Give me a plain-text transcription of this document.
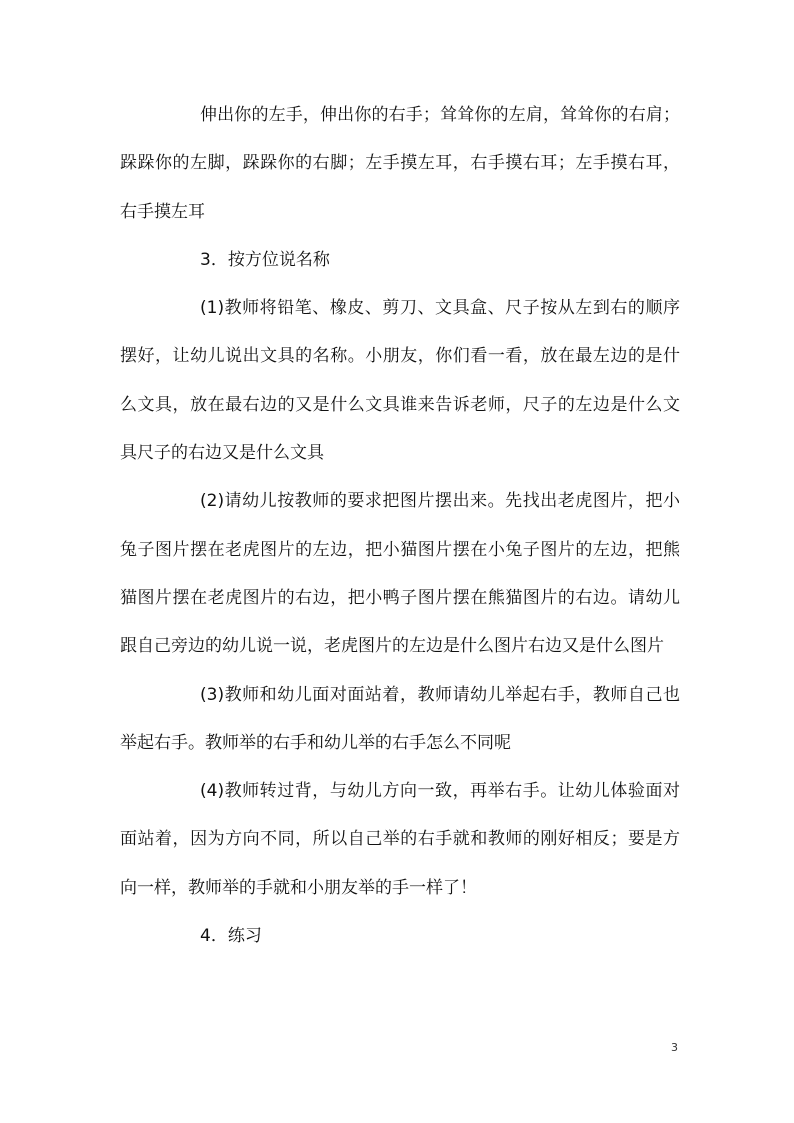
伸出你的左手，伸出你的右手；耸耸你的左肩，耸耸你的右肩；跺跺你的左脚，跺跺你的右脚；左手摸左耳，右手摸右耳；左手摸右耳，右手摸左耳

3．按方位说名称

(1)教师将铅笔、橡皮、剪刀、文具盒、尺子按从左到右的顺序摆好，让幼儿说出文具的名称。小朋友，你们看一看，放在最左边的是什么文具，放在最右边的又是什么文具谁来告诉老师，尺子的左边是什么文具尺子的右边又是什么文具

(2)请幼儿按教师的要求把图片摆出来。先找出老虎图片，把小兔子图片摆在老虎图片的左边，把小猫图片摆在小兔子图片的左边，把熊猫图片摆在老虎图片的右边，把小鸭子图片摆在熊猫图片的右边。请幼儿跟自己旁边的幼儿说一说，老虎图片的左边是什么图片右边又是什么图片

(3)教师和幼儿面对面站着，教师请幼儿举起右手，教师自己也举起右手。教师举的右手和幼儿举的右手怎么不同呢

(4)教师转过背，与幼儿方向一致，再举右手。让幼儿体验面对面站着，因为方向不同，所以自己举的右手就和教师的刚好相反；要是方向一样，教师举的手就和小朋友举的手一样了！

4．练习

3
